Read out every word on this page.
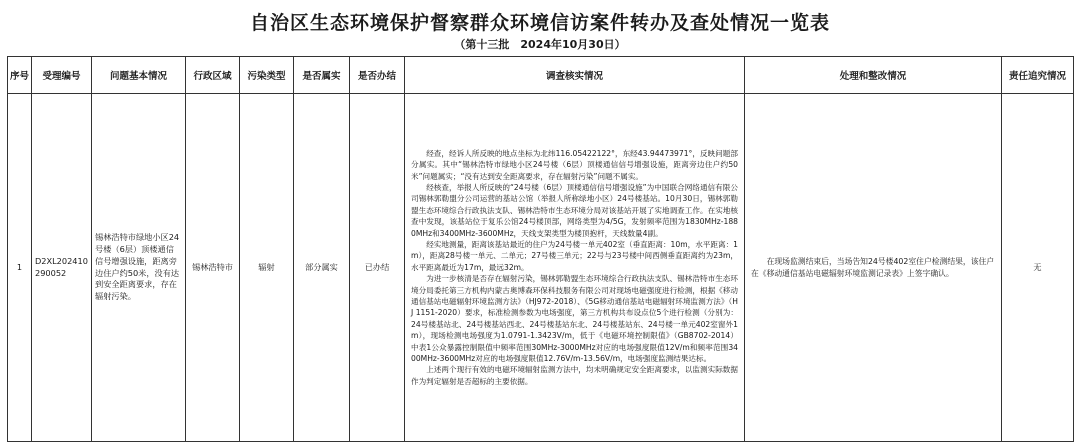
自治区生态环境保护督察群众环境信访案件转办及查处情况一览表
（第十三批　2024年10月30日）
序号	受理编号	问题基本情况	行政区域	污染类型	是否属实	是否办结	调查核实情况	处理和整改情况	责任追究情况
1	D2XL202410290052	锡林浩特市绿地小区24号楼（6层）顶楼通信信号增强设施，距离旁边住户约50米，没有达到安全距离要求，存在辐射污染。	锡林浩特市	辐射	部分属实	已办结	经查，经诉人所反映的地点坐标为北纬116.05422122°，东经43.94473971°，反映问题部分属实。其中“锡林浩特市绿地小区24号楼（6层）顶楼通信信号增强设施，距离旁边住户约50米”问题属实；“没有达到安全距离要求，存在辐射污染”问题不属实。

经核查，举报人所反映的“24号楼（6层）顶楼通信信号增强设施”为中国联合网络通信有限公司锡林郭勒盟分公司运营的基站公馆（举报人所称绿地小区）24号楼基站。10月30日，锡林郭勒盟生态环境综合行政执法支队、锡林浩特市生态环境分局对该基站开展了实地调查工作。在实地核查中发现，该基站位于复乐公馆24号楼顶部，网络类型为4/5G，发射频率范围为1830MHz-1880MHz和3400MHz-3600MHz，天线支架类型为楼顶抱杆，天线数量4副。

经实地测量，距离该基站最近的住户为24号楼一单元402室（垂直距离：10m，水平距离：1m），距离28号楼一单元、二单元；27号楼三单元；22号与23号楼中间西侧垂直距离约为23m，水平距离最近为17m，最远32m。

为进一步核清是否存在辐射污染，锡林郭勒盟生态环境综合行政执法支队、锡林浩特市生态环境分局委托第三方机构内蒙古奥博森环保科技服务有限公司对现场电磁强度进行检测，根据《移动通信基站电磁辐射环境监测方法》（HJ972-2018）、《5G移动通信基站电磁辐射环境监测方法》（HJ 1151-2020）要求，标准检测参数为电场强度，第三方机构共布设点位5个进行检测（分别为：24号楼基站北、24号楼基站西北、24号楼基站东北、24号楼基站东、24号楼一单元402室窗外1m），现场检测电场强度为1.0791-1.3423V/m，低于《电磁环境控制限值》（GB8702-2014）中表1公众暴露控制限值中频率范围30MHz-3000MHz对应的电场强度限值12V/m和频率范围3400MHz-3600MHz对应的电场强度限值12.76V/m-13.56V/m，电场强度监测结果达标。

上述两个现行有效的电磁环境辐射监测方法中，均未明确规定安全距离要求，以监测实际数据作为判定辐射是否超标的主要依据。	在现场监测结束后，当场告知24号楼402室住户检测结果，该住户在《移动通信基站电磁辐射环境监测记录表》上签字确认。	无
